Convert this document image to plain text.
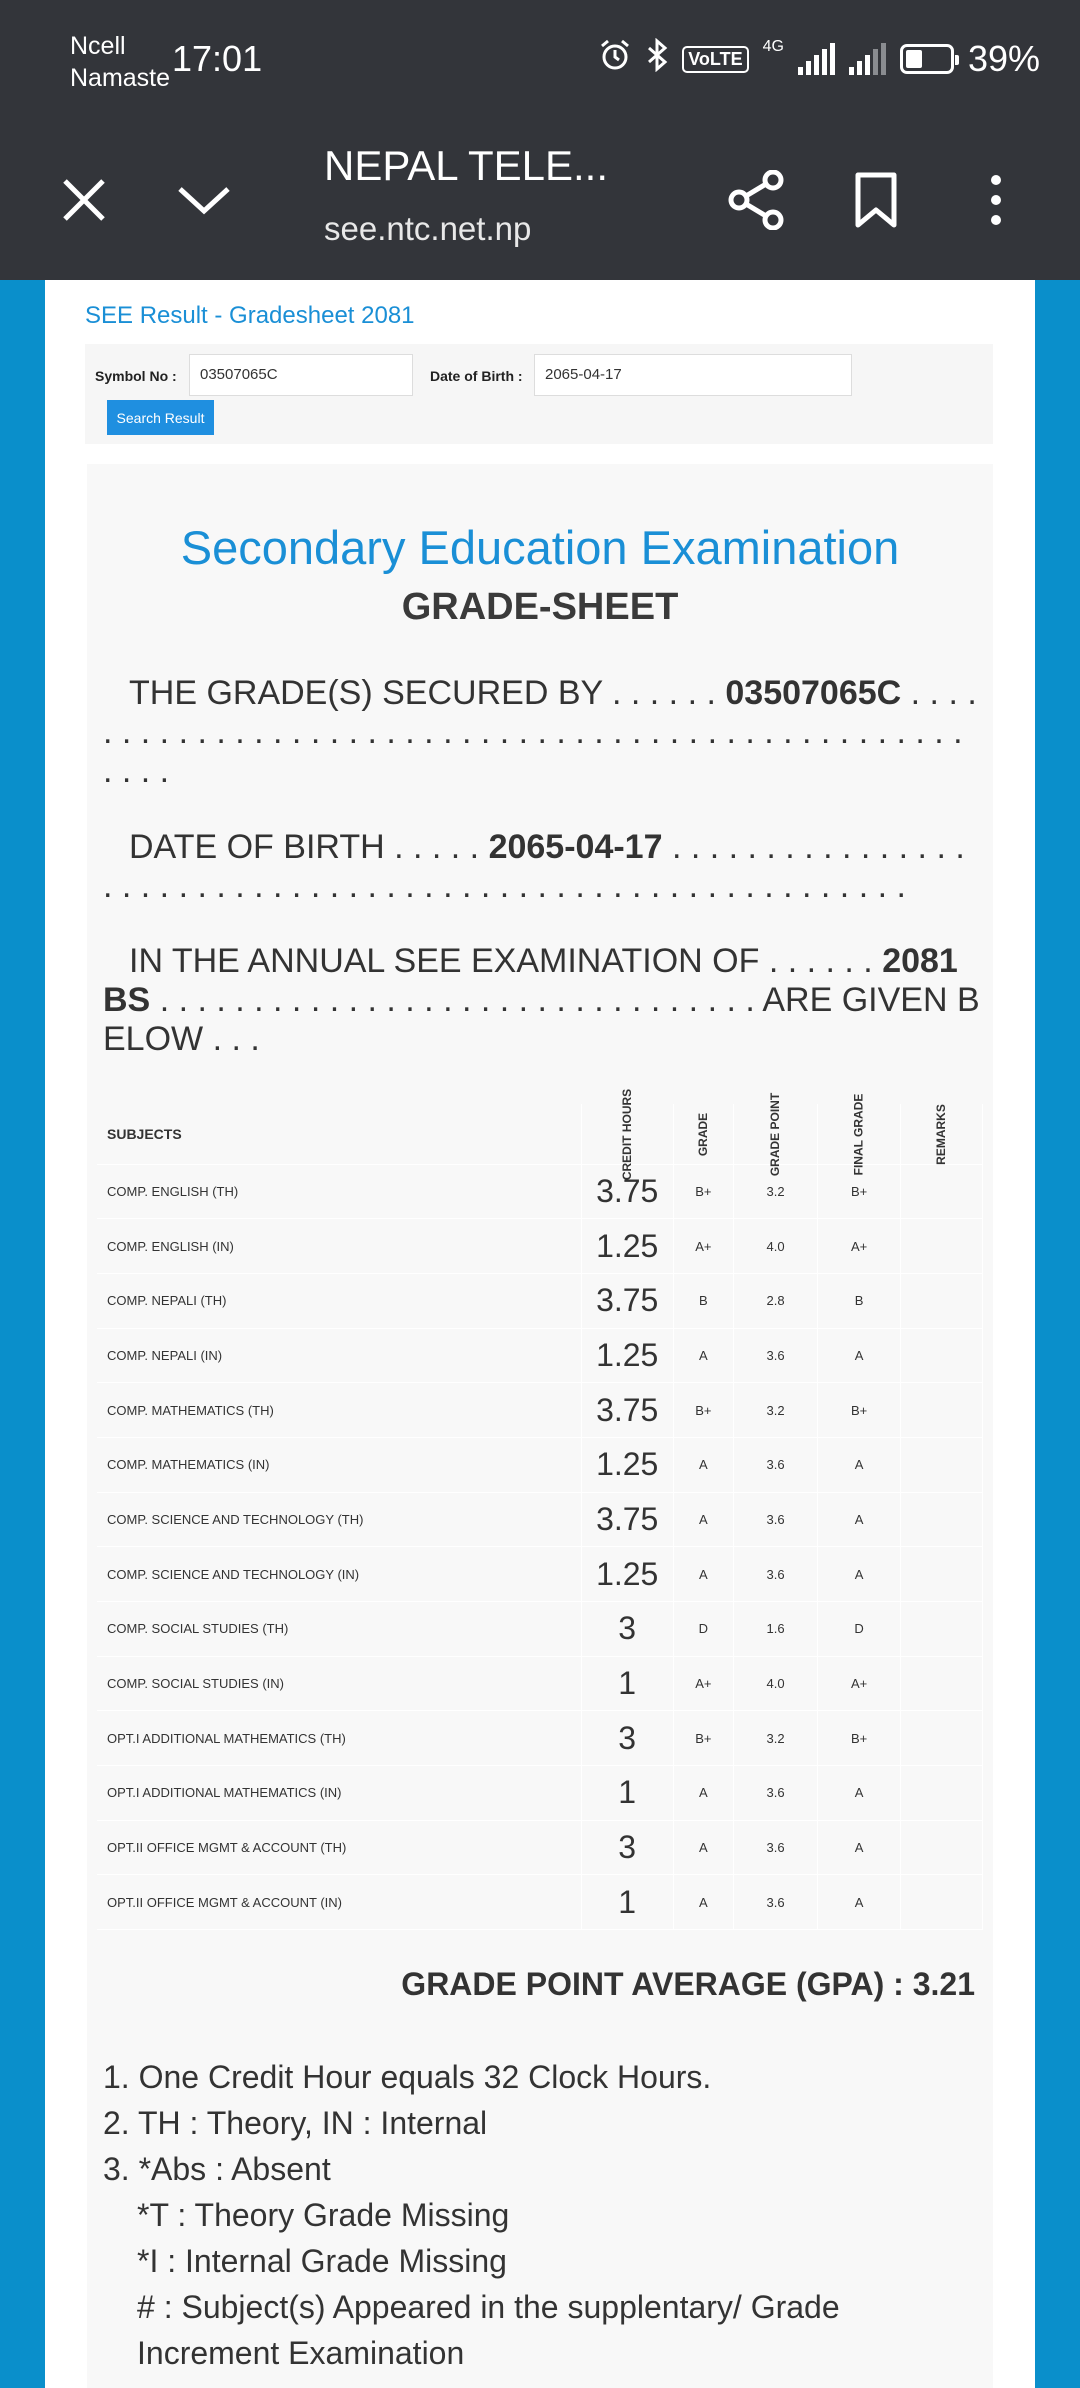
Ncell
Namaste 17:01	VoLTE
4G	39%
NEPAL TELE...
see.ntc.net.np
SEE Result - Gradesheet 2081
Symbol No :	03507065C	Date of Birth :	2065-04-17
Search Result
Secondary Education Examination
GRADE-SHEET
THE GRADE(S) SECURED BY . . . . . . 03507065C . . . . . . . . . . . . . . . . . . . . . . . . . . . . . . . . . . . . . . . . . . . . . . . . . . . . . .
DATE OF BIRTH . . . . . 2065-04-17 . . . . . . . . . . . . . . . . . . . . . . . . . . . . . . . . . . . . . . . . . . . . . . . . . . . . . . . . . . .
IN THE ANNUAL SEE EXAMINATION OF . . . . . . 2081 BS . . . . . . . . . . . . . . . . . . . . . . . . . . . . . . . . ARE GIVEN BELOW . . .
SUBJECTS	CREDIT HOURS	GRADE	GRADE POINT	FINAL GRADE	REMARKS
COMP. ENGLISH (TH)	3.75	B+	3.2	B+	
COMP. ENGLISH (IN)	1.25	A+	4.0	A+	
COMP. NEPALI (TH)	3.75	B	2.8	B	
COMP. NEPALI (IN)	1.25	A	3.6	A	
COMP. MATHEMATICS (TH)	3.75	B+	3.2	B+	
COMP. MATHEMATICS (IN)	1.25	A	3.6	A	
COMP. SCIENCE AND TECHNOLOGY (TH)	3.75	A	3.6	A	
COMP. SCIENCE AND TECHNOLOGY (IN)	1.25	A	3.6	A	
COMP. SOCIAL STUDIES (TH)	3	D	1.6	D	
COMP. SOCIAL STUDIES (IN)	1	A+	4.0	A+	
OPT.I ADDITIONAL MATHEMATICS (TH)	3	B+	3.2	B+	
OPT.I ADDITIONAL MATHEMATICS (IN)	1	A	3.6	A	
OPT.II OFFICE MGMT & ACCOUNT (TH)	3	A	3.6	A	
OPT.II OFFICE MGMT & ACCOUNT (IN)	1	A	3.6	A	
GRADE POINT AVERAGE (GPA) : 3.21
1. One Credit Hour equals 32 Clock Hours.
2. TH : Theory, IN : Internal
3. *Abs : Absent
*T : Theory Grade Missing
*I : Internal Grade Missing
# : Subject(s) Appeared in the supplentary/ Grade Increment Examination
